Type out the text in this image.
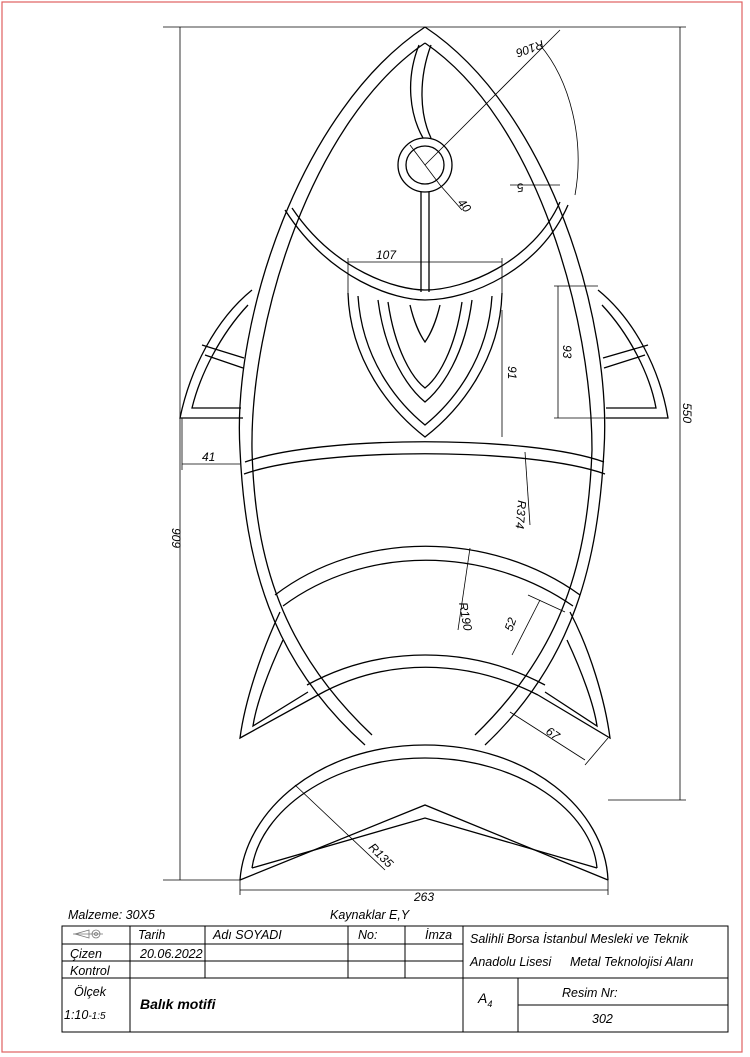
R106
40
5
107
93
91
550
41
909
R374
R190 52
67
R135
263
Malzeme: 30X5	Kaynaklar E,Y
Tarih	Adı SOYADI	No:	İmza
Çizen	20.06.2022
Kontrol
Salihli Borsa İstanbul Mesleki ve Teknik
Anadolu Lisesi Metal Teknolojisi Alanı
Ölçek
1:10-1:5
Balık motifi	$A_4$
Resim Nr:
302
